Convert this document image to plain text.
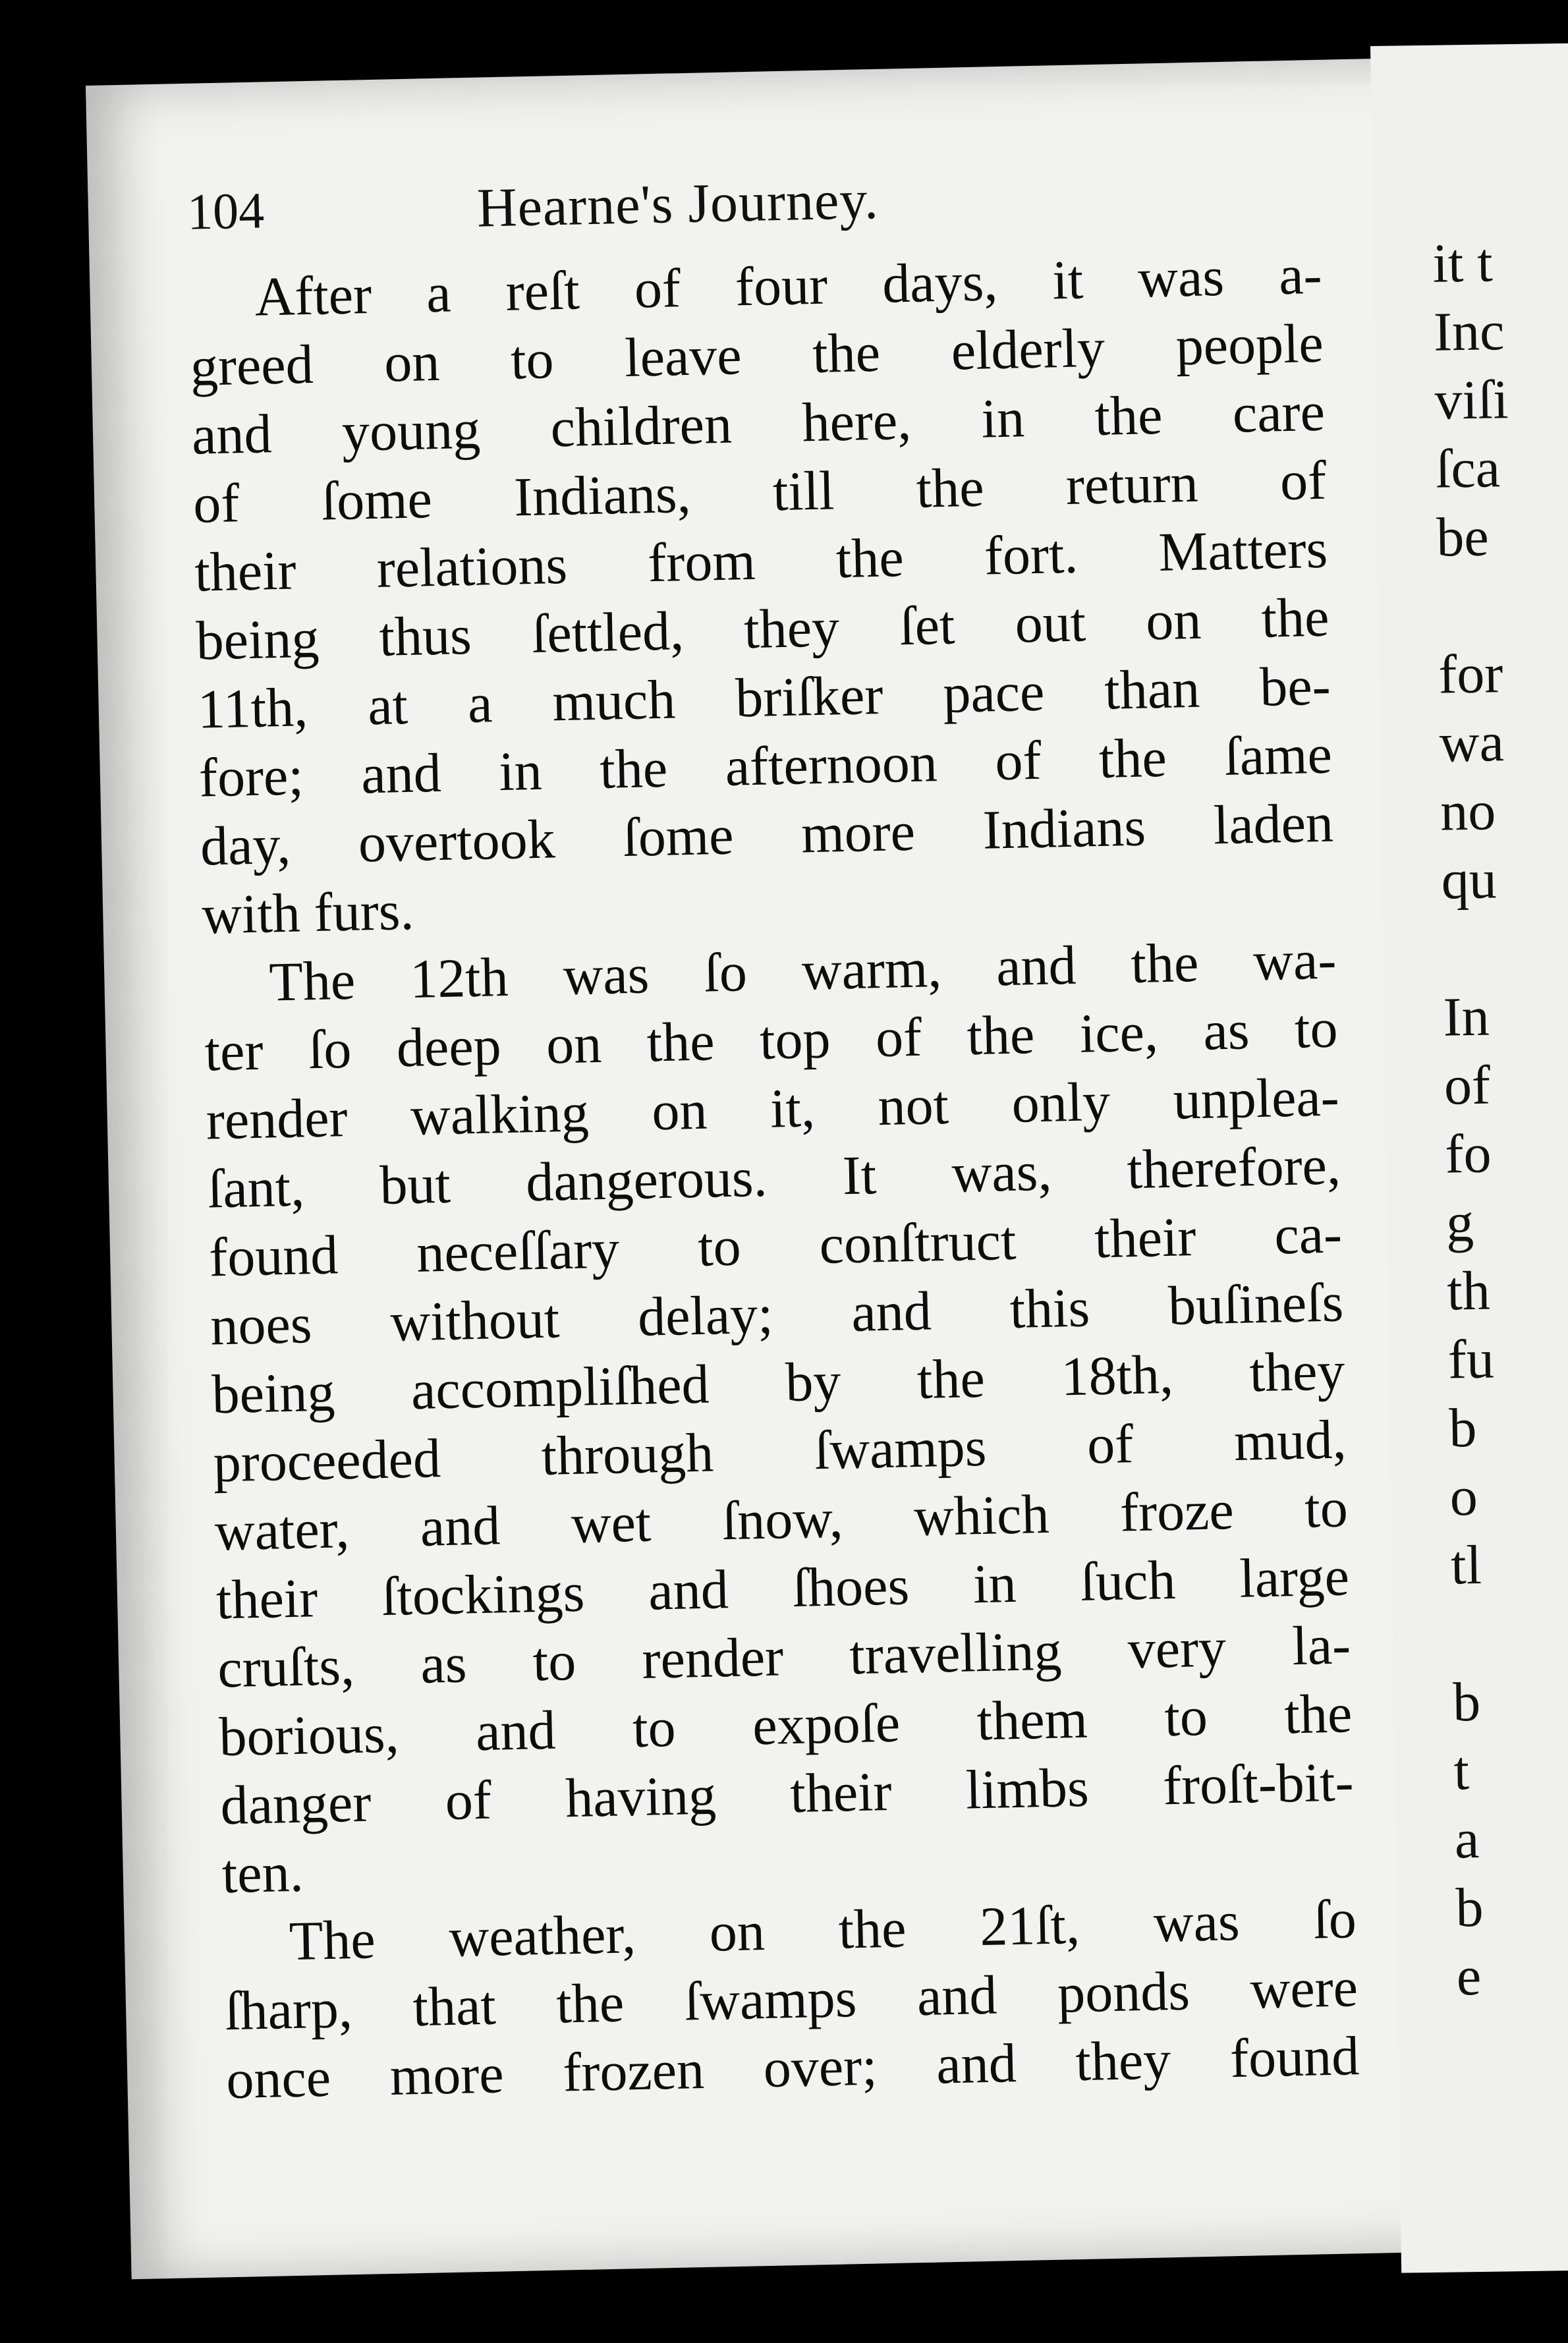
104	Hearne's Journey.
After a reſt of four days, it was a-
greed on to leave the elderly people
and young children here, in the care
of ſome Indians, till the return of
their relations from the fort. Matters
being thus ſettled, they ſet out on the
11th, at a much briſker pace than be-
fore; and in the afternoon of the ſame
day, overtook ſome more Indians laden
with furs.
The 12th was ſo warm, and the wa-
ter ſo deep on the top of the ice, as to
render walking on it, not only unplea-
ſant, but dangerous. It was, therefore,
found neceſſary to conſtruct their ca-
noes without delay; and this buſineſs
being accompliſhed by the 18th, they
proceeded through ſwamps of mud,
water, and wet ſnow, which froze to
their ſtockings and ſhoes in ſuch large
cruſts, as to render travelling very la-
borious, and to expoſe them to the
danger of having their limbs froſt-bit-
ten.
The weather, on the 21ſt, was ſo
ſharp, that the ſwamps and ponds were
once more frozen over; and they found
it t
Inc
viſi
ſca
be
for
wa
no
qu
In
of
fo
g
th
fu
b
o
tl
b
t
a
b
e
